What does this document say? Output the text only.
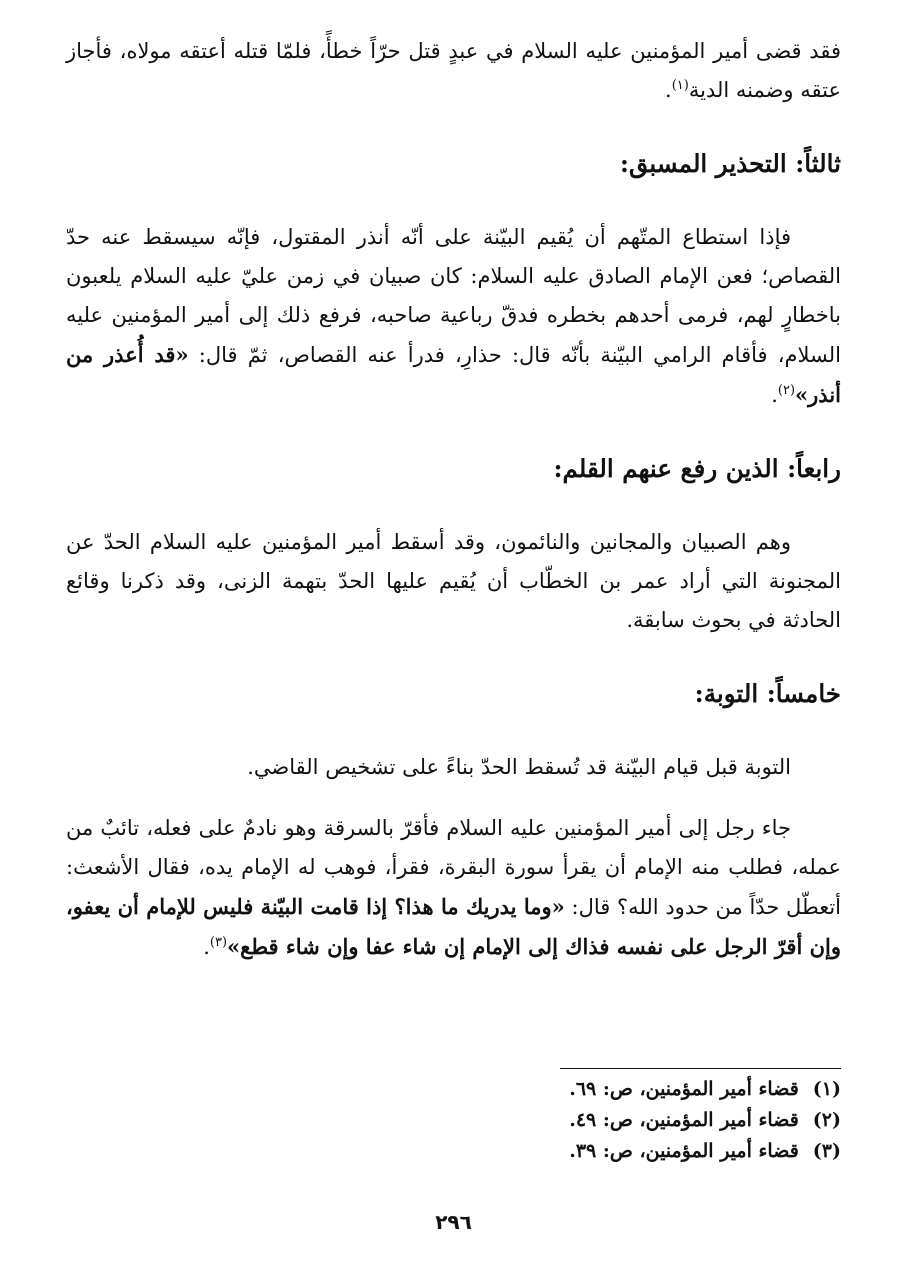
فقد قضى أمير المؤمنين عليه السلام في عبدٍ قتل حرّاً خطأً، فلمّا قتله أعتقه مولاه، فأجاز عتقه وضمنه الدية$^{(١)}$.

ثالثاً: التحذير المسبق:

فإذا استطاع المتّهم أن يُقيم البيّنة على أنّه أنذر المقتول، فإنّه سيسقط عنه حدّ القصاص؛ فعن الإمام الصادق عليه السلام: كان صبيان في زمن عليّ عليه السلام يلعبون باخطارٍ لهم، فرمى أحدهم بخطره فدقّ رباعية صاحبه، فرفع ذلك إلى أمير المؤمنين عليه السلام، فأقام الرامي البيّنة بأنّه قال: حذارِ، فدرأ عنه القصاص، ثمّ قال: «قد أُعذر من أنذر»$^{(٢)}$.

رابعاً: الذين رفع عنهم القلم:

وهم الصبيان والمجانين والنائمون، وقد أسقط أمير المؤمنين عليه السلام الحدّ عن المجنونة التي أراد عمر بن الخطّاب أن يُقيم عليها الحدّ بتهمة الزنى، وقد ذكرنا وقائع الحادثة في بحوث سابقة.

خامساً: التوبة:

التوبة قبل قيام البيّنة قد تُسقط الحدّ بناءً على تشخيص القاضي.

جاء رجل إلى أمير المؤمنين عليه السلام فأقرّ بالسرقة وهو نادمٌ على فعله، تائبٌ من عمله، فطلب منه الإمام أن يقرأ سورة البقرة، فقرأ، فوهب له الإمام يده، فقال الأشعث: أتعطّل حدّاً من حدود الله؟ قال: «وما يدريك ما هذا؟ إذا قامت البيّنة فليس للإمام أن يعفو، وإن أقرّ الرجل على نفسه فذاك إلى الإمام إن شاء عفا وإن شاء قطع»$^{(٣)}$.

(١)قضاء أمير المؤمنين، ص: ٦٩.

(٢)قضاء أمير المؤمنين، ص: ٤٩.

(٣)قضاء أمير المؤمنين، ص: ٣٩.

٢٩٦
